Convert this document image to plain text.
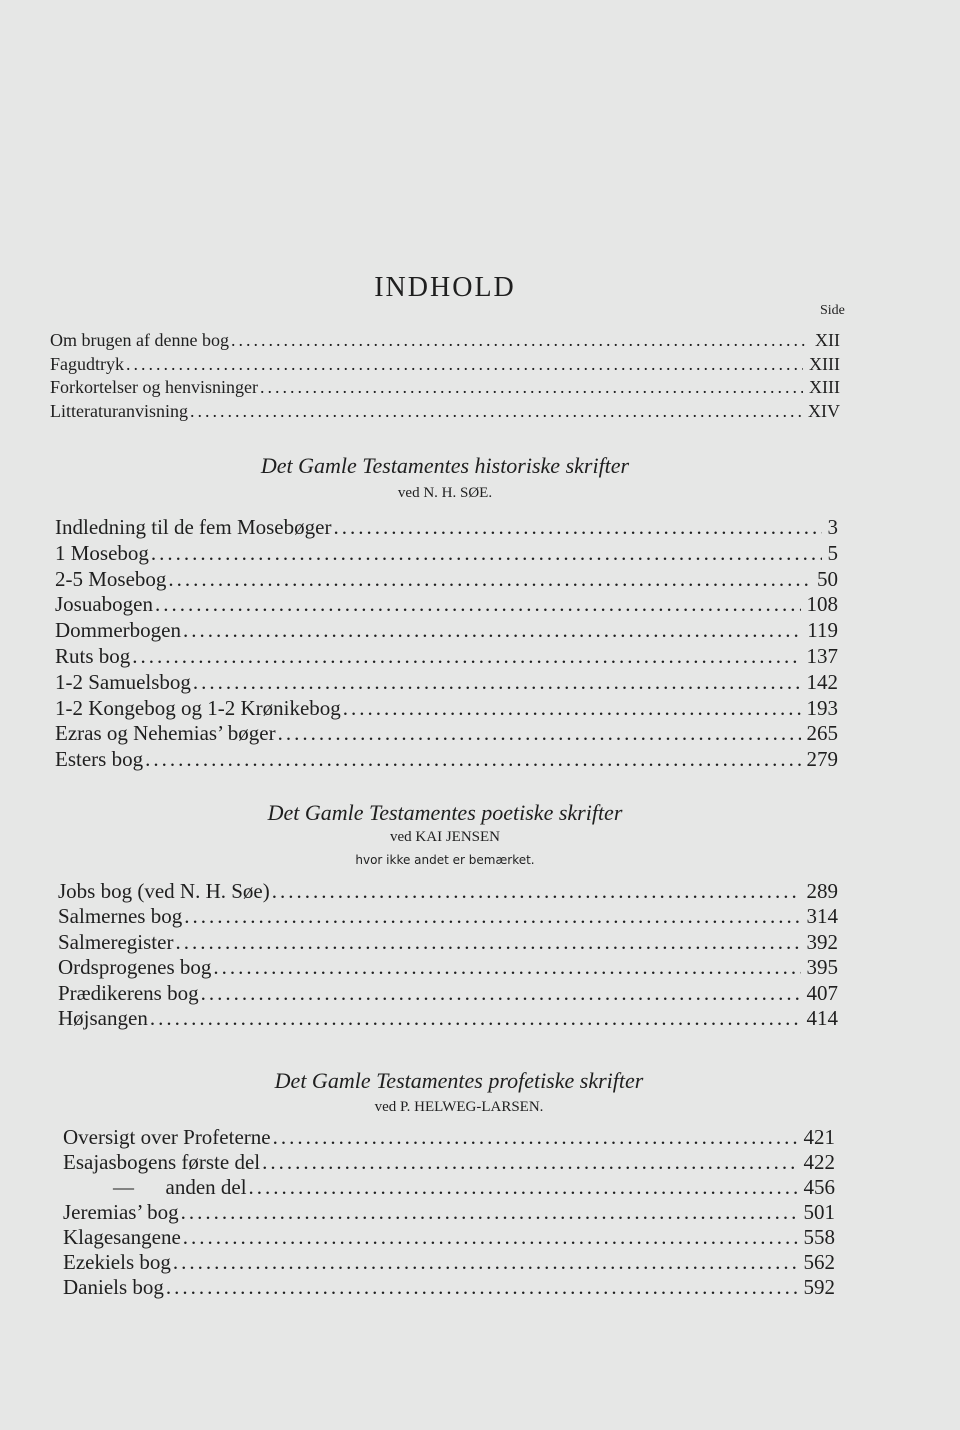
INDHOLD
Side
Om brugen af denne bog .....	XII
Fagudtryk .....	XIII
Forkortelser og henvisninger .....	XIII
Litteraturanvisning .....	XIV
Det Gamle Testamentes historiske skrifter
ved N. H. SØE.
Indledning til de fem Mosebøger .....	3
1 Mosebog .....	5
2-5 Mosebog .....	50
Josuabogen .....	108
Dommerbogen .....	119
Ruts bog .....	137
1-2 Samuelsbog .....	142
1-2 Kongebog og 1-2 Krønikebog .....	193
Ezras og Nehemias’ bøger .....	265
Esters bog .....	279
Det Gamle Testamentes poetiske skrifter
ved KAI JENSEN
hvor ikke andet er bemærket.
Jobs bog (ved N. H. Søe) .....	289
Salmernes bog .....	314
Salmeregister .....	392
Ordsprogenes bog .....	395
Prædikerens bog .....	407
Højsangen .....	414
Det Gamle Testamentes profetiske skrifter
ved P. HELWEG-LARSEN.
Oversigt over Profeterne .....	421
Esajasbogens første del .....	422
—      anden del .....	456
Jeremias’ bog .....	501
Klagesangene .....	558
Ezekiels bog .....	562
Daniels bog .....	592
